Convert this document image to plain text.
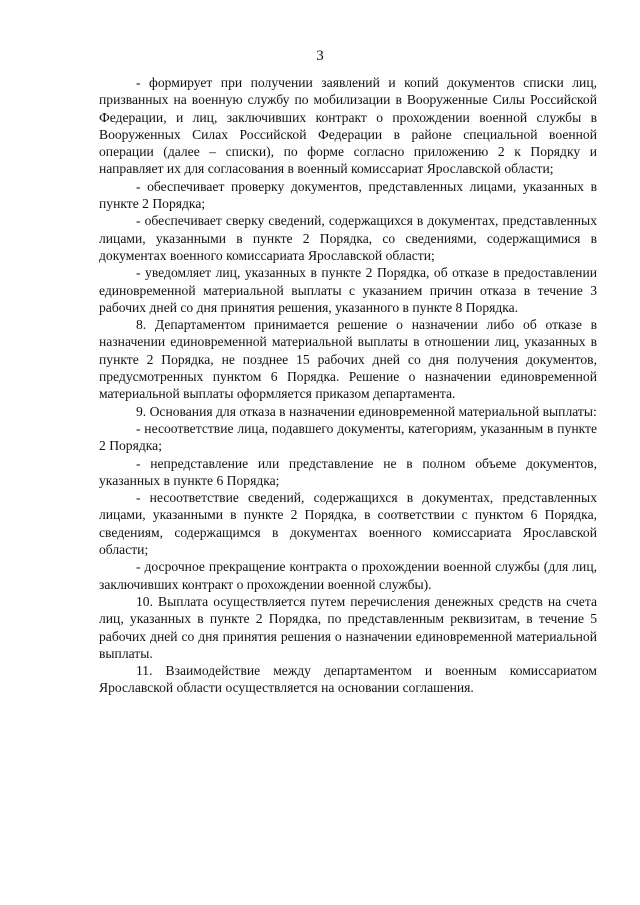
3

- формирует при получении заявлений и копий документов списки лиц, призванных на военную службу по мобилизации в Вооруженные Силы Российской Федерации, и лиц, заключивших контракт о прохождении военной службы в Вооруженных Силах Российской Федерации в районе специальной военной операции (далее – списки), по форме согласно приложению 2 к Порядку и направляет их для согласования в военный комиссариат Ярославской области;

- обеспечивает проверку документов, представленных лицами, указанных в пункте 2 Порядка;

- обеспечивает сверку сведений, содержащихся в документах, представленных лицами, указанными в пункте 2 Порядка, со сведениями, содержащимися в документах военного комиссариата Ярославской области;

- уведомляет лиц, указанных в пункте 2 Порядка, об отказе в предоставлении единовременной материальной выплаты с указанием причин отказа в течение 3 рабочих дней со дня принятия решения, указанного в пункте 8 Порядка.

8. Департаментом принимается решение о назначении либо об отказе в назначении единовременной материальной выплаты в отношении лиц, указанных в пункте 2 Порядка, не позднее 15 рабочих дней со дня получения документов, предусмотренных пунктом 6 Порядка. Решение о назначении единовременной материальной выплаты оформляется приказом департамента.

9. Основания для отказа в назначении единовременной материальной выплаты:

- несоответствие лица, подавшего документы, категориям, указанным в пункте 2 Порядка;

- непредставление или представление не в полном объеме документов, указанных в пункте 6 Порядка;

- несоответствие сведений, содержащихся в документах, представленных лицами, указанными в пункте 2 Порядка, в соответствии с пунктом 6 Порядка, сведениям, содержащимся в документах военного комиссариата Ярославской области;

- досрочное прекращение контракта о прохождении военной службы (для лиц, заключивших контракт о прохождении военной службы).

10. Выплата осуществляется путем перечисления денежных средств на счета лиц, указанных в пункте 2 Порядка, по представленным реквизитам, в течение 5 рабочих дней со дня принятия решения о назначении единовременной материальной выплаты.

11. Взаимодействие между департаментом и военным комиссариатом Ярославской области осуществляется на основании соглашения.
